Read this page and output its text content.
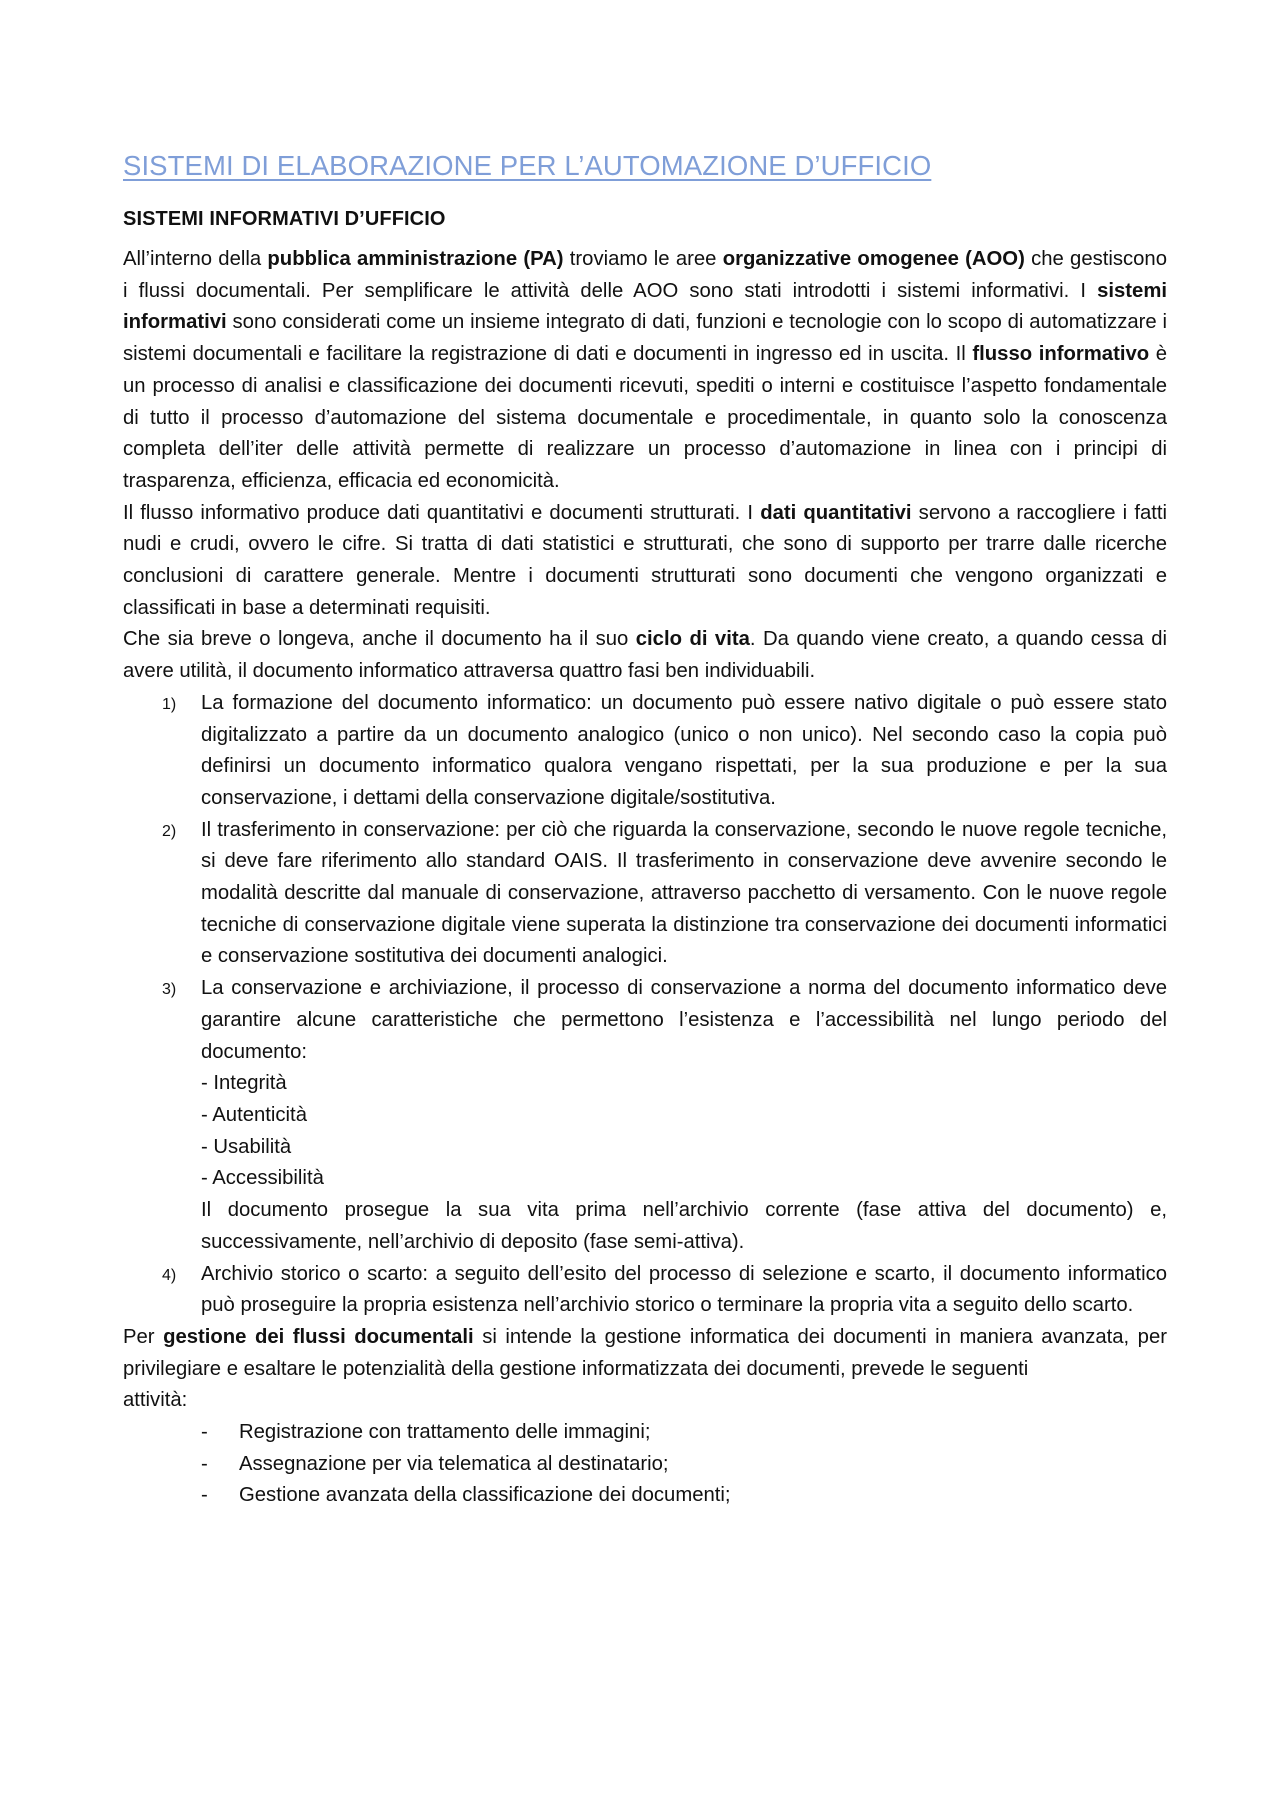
SISTEMI DI ELABORAZIONE PER L’AUTOMAZIONE D’UFFICIO
SISTEMI INFORMATIVI D’UFFICIO

All’interno della pubblica amministrazione (PA) troviamo le aree organizzative omogenee (AOO) che gestiscono i flussi documentali. Per semplificare le attività delle AOO sono stati introdotti i sistemi informativi. I sistemi informativi sono considerati come un insieme integrato di dati, funzioni e tecnologie con lo scopo di automatizzare i sistemi documentali e facilitare la registrazione di dati e documenti in ingresso ed in uscita. Il flusso informativo è un processo di analisi e classificazione dei documenti ricevuti, spediti o interni e costituisce l’aspetto fondamentale di tutto il processo d’automazione del sistema documentale e procedimentale, in quanto solo la conoscenza completa dell’iter delle attività permette di realizzare un processo d’automazione in linea con i principi di trasparenza, efficienza, efficacia ed economicità.

Il flusso informativo produce dati quantitativi e documenti strutturati. I dati quantitativi servono a raccogliere i fatti nudi e crudi, ovvero le cifre. Si tratta di dati statistici e strutturati, che sono di supporto per trarre dalle ricerche conclusioni di carattere generale. Mentre i documenti strutturati sono documenti che vengono organizzati e classificati in base a determinati requisiti.

Che sia breve o longeva, anche il documento ha il suo ciclo di vita. Da quando viene creato, a quando cessa di avere utilità, il documento informatico attraversa quattro fasi ben individuabili.

1) La formazione del documento informatico: un documento può essere nativo digitale o può essere stato digitalizzato a partire da un documento analogico (unico o non unico). Nel secondo caso la copia può definirsi un documento informatico qualora vengano rispettati, per la sua produzione e per la sua conservazione, i dettami della conservazione digitale/sostitutiva.
2) Il trasferimento in conservazione: per ciò che riguarda la conservazione, secondo le nuove regole tecniche, si deve fare riferimento allo standard OAIS. Il trasferimento in conservazione deve avvenire secondo le modalità descritte dal manuale di conservazione, attraverso pacchetto di versamento. Con le nuove regole tecniche di conservazione digitale viene superata la distinzione tra conservazione dei documenti informatici e conservazione sostitutiva dei documenti analogici.
3) La conservazione e archiviazione, il processo di conservazione a norma del documento informatico deve garantire alcune caratteristiche che permettono l’esistenza e l’accessibilità nel lungo periodo del documento:
- Integrità
- Autenticità
- Usabilità
- Accessibilità
Il documento prosegue la sua vita prima nell’archivio corrente (fase attiva del documento) e, successivamente, nell’archivio di deposito (fase semi-attiva).
4) Archivio storico o scarto: a seguito dell’esito del processo di selezione e scarto, il documento informatico può proseguire la propria esistenza nell’archivio storico o terminare la propria vita a seguito dello scarto.

Per gestione dei flussi documentali si intende la gestione informatica dei documenti in maniera avanzata, per privilegiare e esaltare le potenzialità della gestione informatizzata dei documenti, prevede le seguenti

attività:

- Registrazione con trattamento delle immagini;
- Assegnazione per via telematica al destinatario;
- Gestione avanzata della classificazione dei documenti;
